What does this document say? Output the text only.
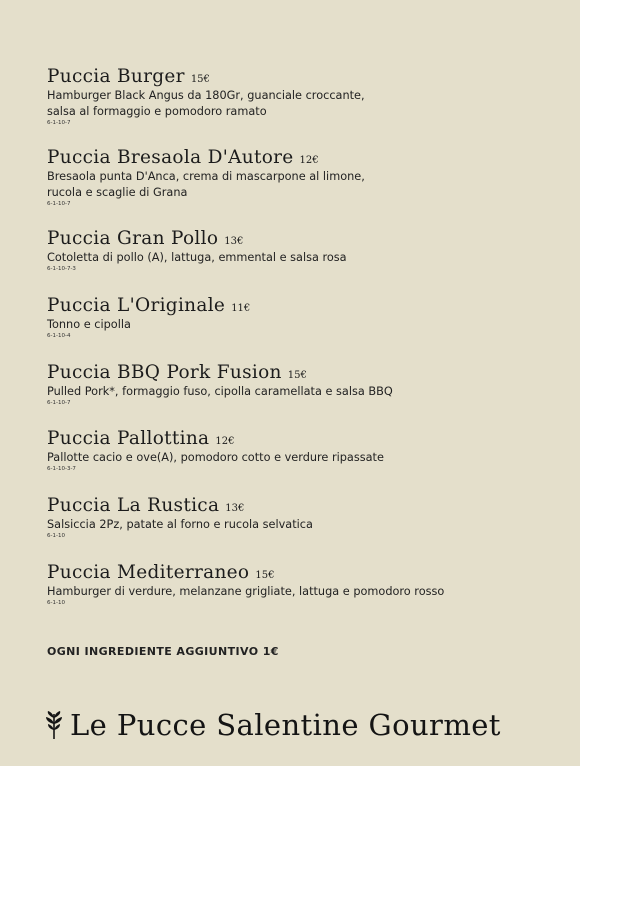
Puccia Burger 15€
Hamburger Black Angus da 180Gr, guanciale croccante,
salsa al formaggio e pomodoro ramato
6-1-10-7
Puccia Bresaola D'Autore 12€
Bresaola punta D'Anca, crema di mascarpone al limone,
rucola e scaglie di Grana
6-1-10-7
Puccia Gran Pollo 13€
Cotoletta di pollo (A), lattuga, emmental e salsa rosa
6-1-10-7-3
Puccia L'Originale 11€
Tonno e cipolla
6-1-10-4
Puccia BBQ Pork Fusion 15€
Pulled Pork*, formaggio fuso, cipolla caramellata e salsa BBQ
6-1-10-7
Puccia Pallottina 12€
Pallotte cacio e ove(A), pomodoro cotto e verdure ripassate
6-1-10-3-7
Puccia La Rustica 13€
Salsiccia 2Pz, patate al forno e rucola selvatica
6-1-10
Puccia Mediterraneo 15€
Hamburger di verdure, melanzane grigliate, lattuga e pomodoro rosso
6-1-10
OGNI INGREDIENTE AGGIUNTIVO 1€
Le Pucce Salentine Gourmet
